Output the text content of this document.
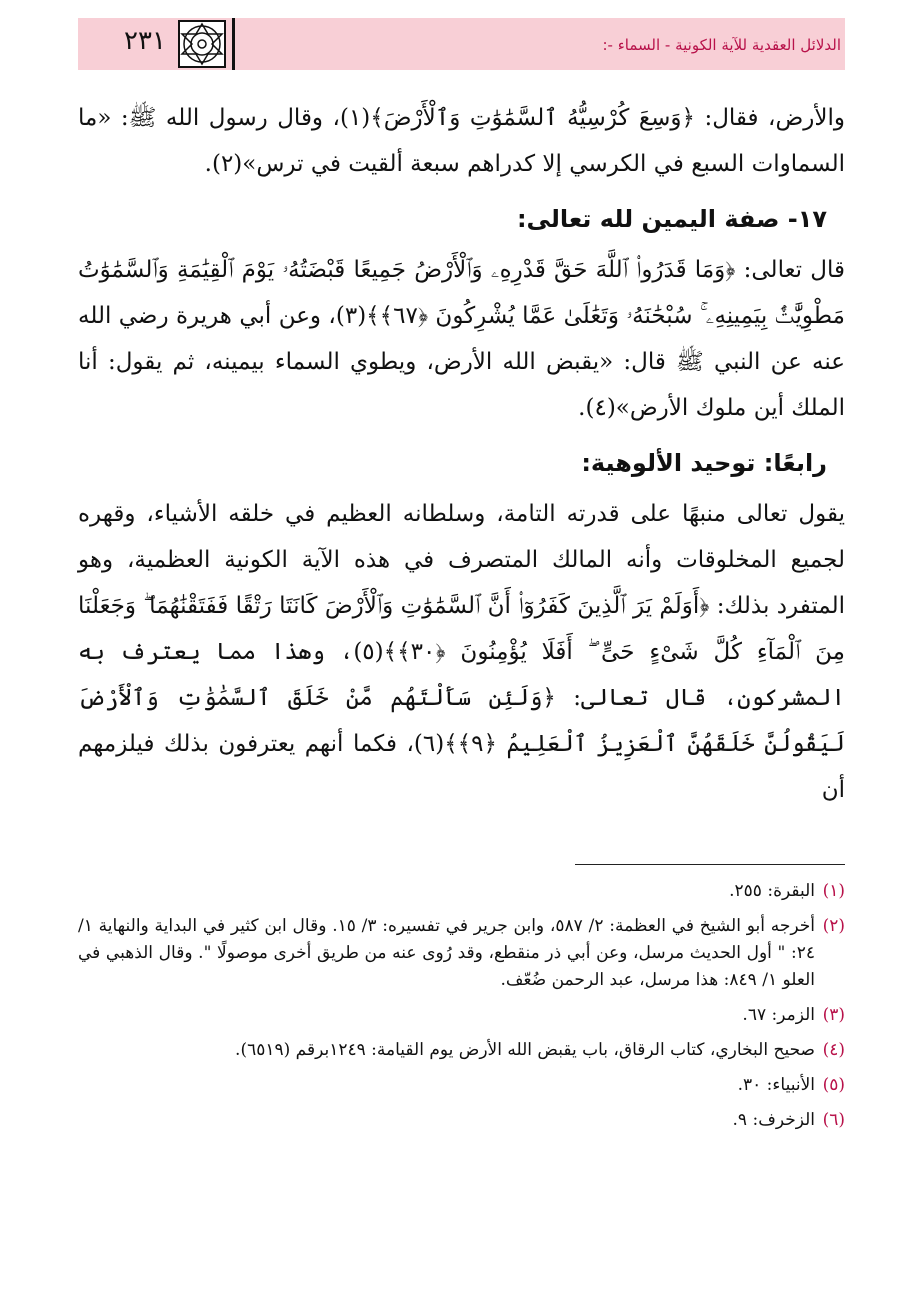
٢٣١	الدلائل العقدية للآية الكونية - السماء -:

والأرض، فقال: ﴿وَسِعَ كُرْسِيُّهُ ٱلسَّمَٰوَٰتِ وَٱلْأَرْضَ﴾(١)، وقال رسول الله ﷺ: «ما السماوات السبع في الكرسي إلا كدراهم سبعة ألقيت في ترس»(٢).

١٧- صفة اليمين لله تعالى:

قال تعالى: ﴿وَمَا قَدَرُوا۟ ٱللَّهَ حَقَّ قَدْرِهِۦ وَٱلْأَرْضُ جَمِيعًا قَبْضَتُهُۥ يَوْمَ ٱلْقِيَٰمَةِ وَٱلسَّمَٰوَٰتُ مَطْوِيَّٰتٌۢ بِيَمِينِهِۦ ۚ سُبْحَٰنَهُۥ وَتَعَٰلَىٰ عَمَّا يُشْرِكُونَ ﴿٦٧﴾﴾(٣)، وعن أبي هريرة رضي الله عنه عن النبي ﷺ قال: «يقبض الله الأرض، ويطوي السماء بيمينه، ثم يقول: أنا الملك أين ملوك الأرض»(٤).

رابعًا: توحيد الألوهية:

يقول تعالى منبهًا على قدرته التامة، وسلطانه العظيم في خلقه الأشياء، وقهره لجميع المخلوقات وأنه المالك المتصرف في هذه الآية الكونية العظمية، وهو المتفرد بذلك: ﴿أَوَلَمْ يَرَ ٱلَّذِينَ كَفَرُوٓا۟ أَنَّ ٱلسَّمَٰوَٰتِ وَٱلْأَرْضَ كَانَتَا رَتْقًا فَفَتَقْنَٰهُمَا ۖ وَجَعَلْنَا مِنَ ٱلْمَآءِ كُلَّ شَىْءٍ حَىٍّ ۖ أَفَلَا يُؤْمِنُونَ ﴿٣٠﴾﴾(٥)، وهذا مما يعترف به المشركون، قال تعالى: ﴿وَلَئِن سَأَلْتَهُم مَّنْ خَلَقَ ٱلسَّمَٰوَٰتِ وَٱلْأَرْضَ لَيَقُولُنَّ خَلَقَهُنَّ ٱلْعَزِيزُ ٱلْعَلِيمُ ﴿٩﴾﴾(٦)، فكما أنهم يعترفون بذلك فيلزمهم أن

(١)
البقرة: ٢٥٥.

(٢)
أخرجه أبو الشيخ في العظمة: ٢/ ٥٨٧، وابن جرير في تفسيره: ٣/ ١٥. وقال ابن كثير في البداية والنهاية ١/ ٢٤: " أول الحديث مرسل، وعن أبي ذر منقطع، وقد رُوى عنه من طريق أخرى موصولًا ". وقال الذهبي في العلو ١/ ٨٤٩: هذا مرسل، عبد الرحمن ضُعّف.

(٣)
الزمر: ٦٧.

(٤)
صحيح البخاري، كتاب الرقاق، باب يقبض الله الأرض يوم القيامة: ١٢٤٩برقم (٦٥١٩).

(٥)
الأنبياء: ٣٠.

(٦)
الزخرف: ٩.
